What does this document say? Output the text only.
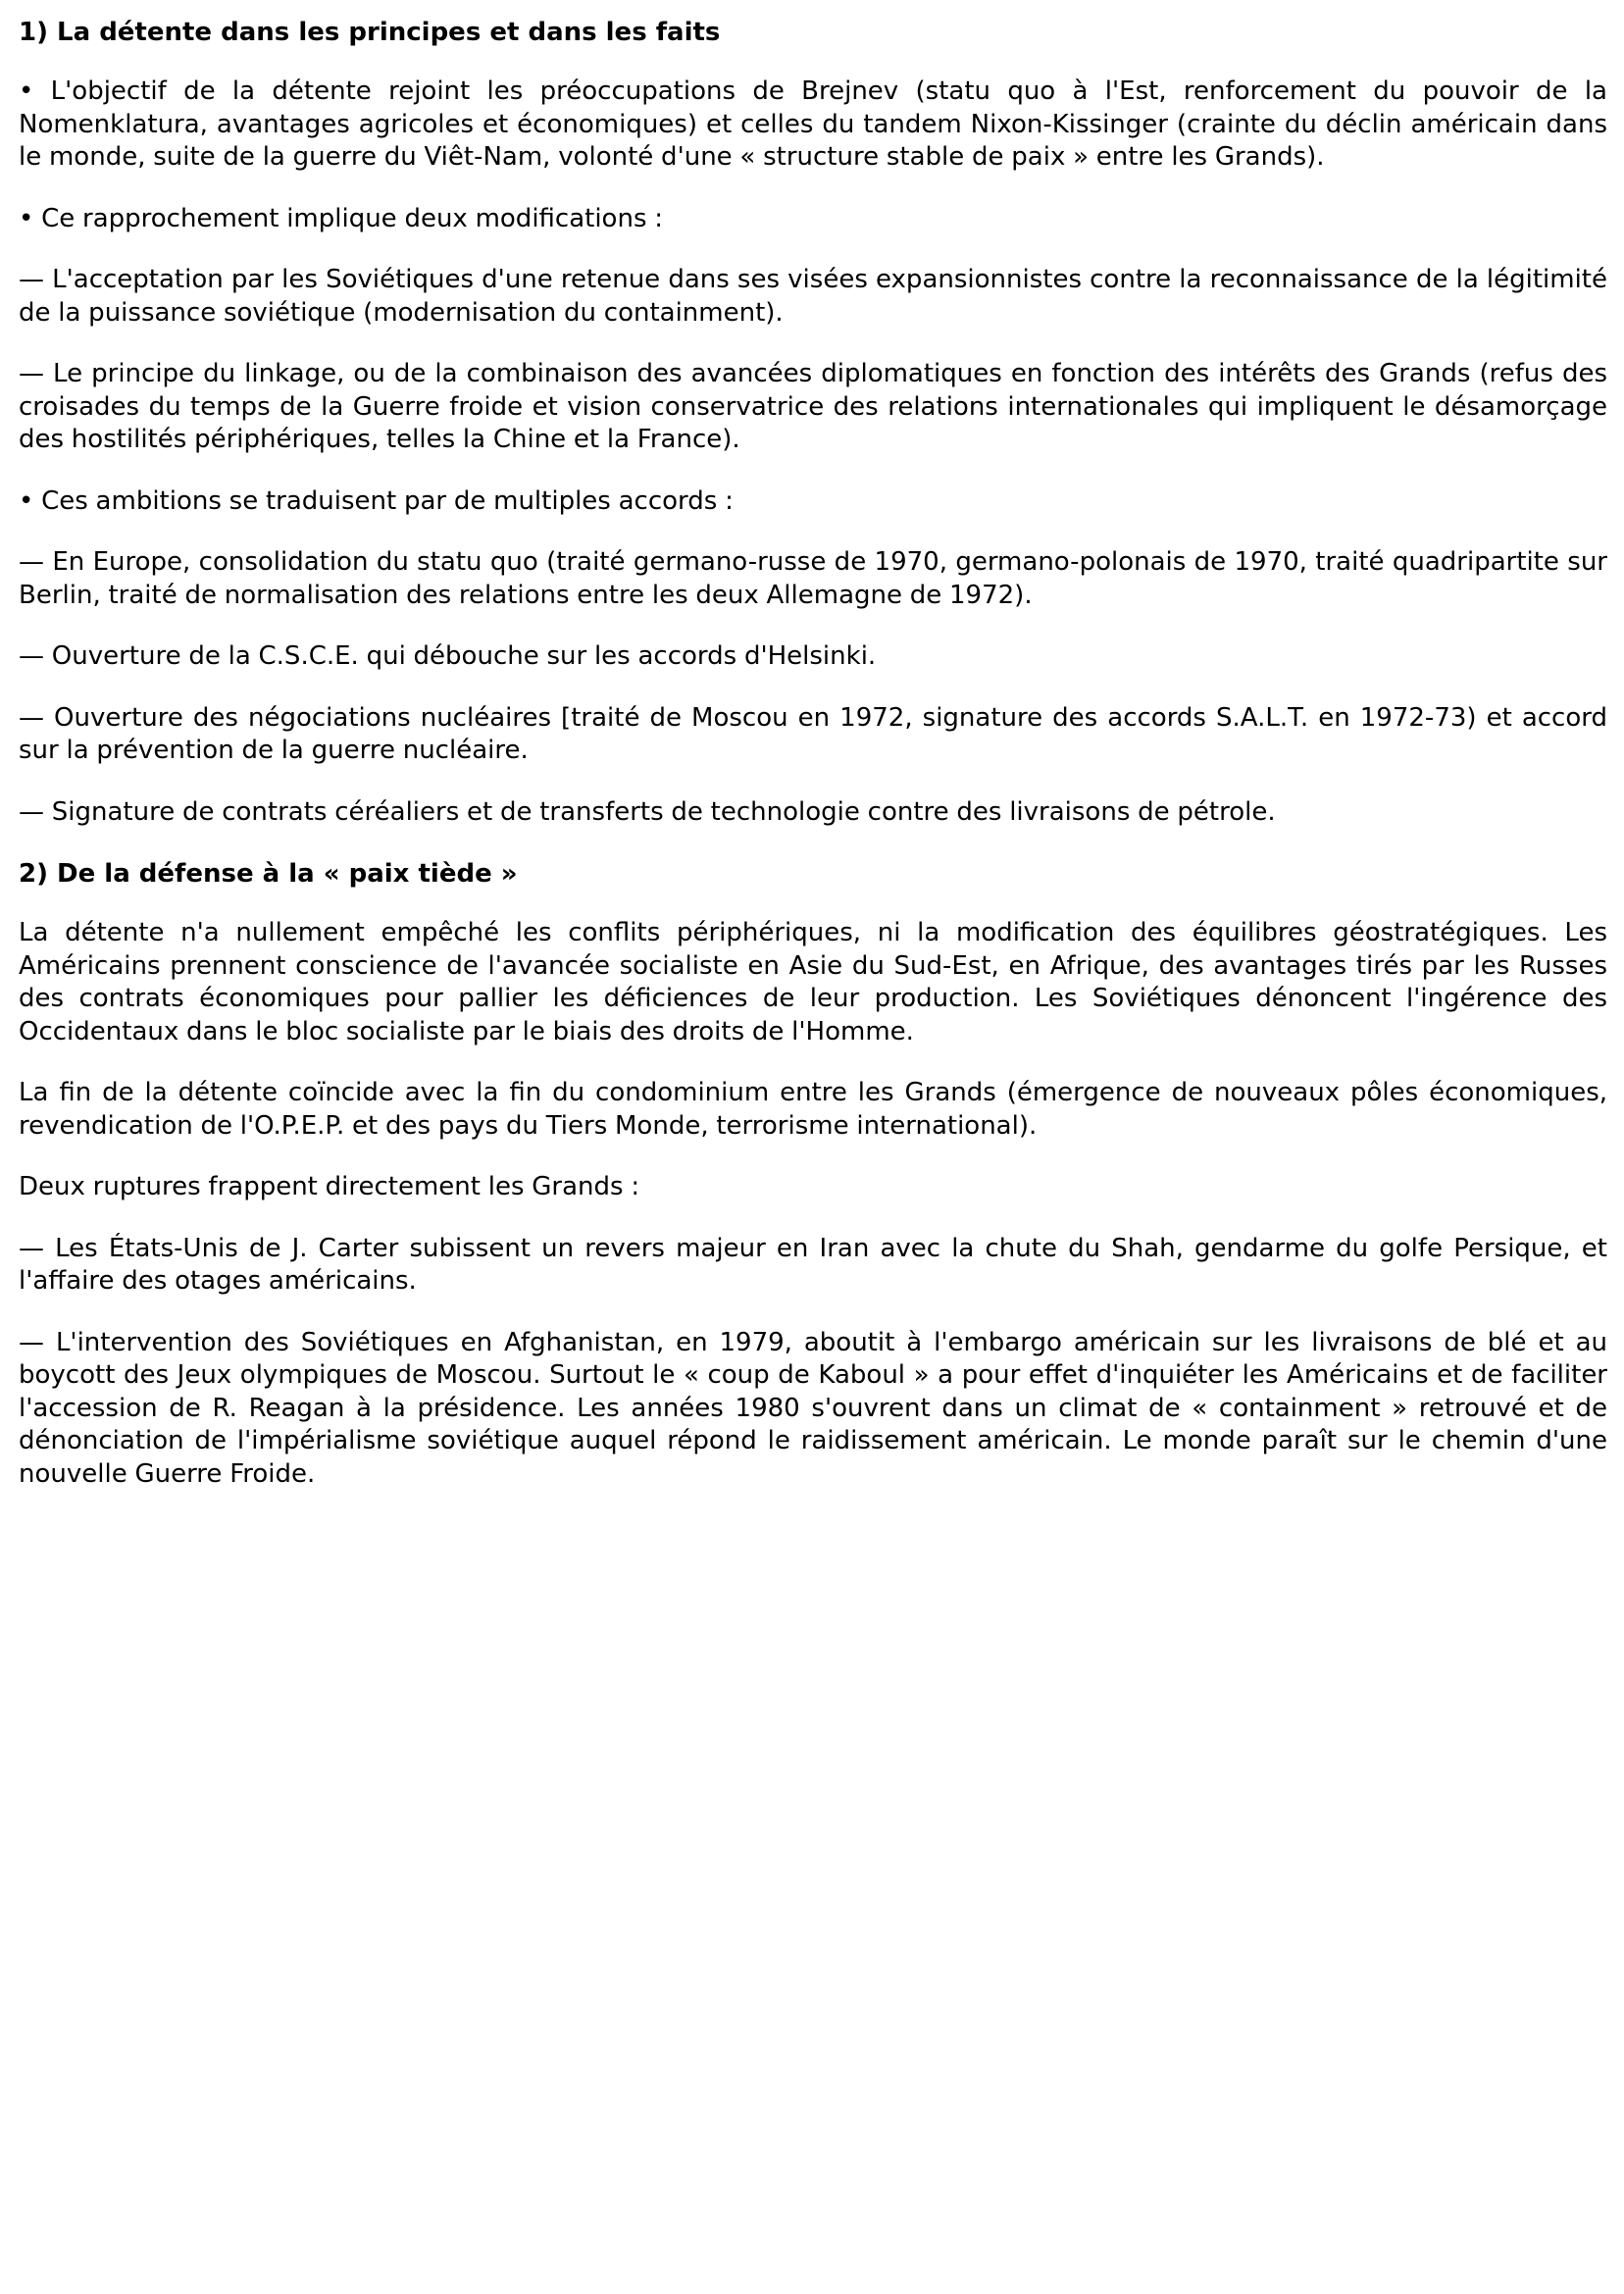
1) La détente dans les principes et dans les faits

• L'objectif de la détente rejoint les préoccupations de Brejnev (statu quo à l'Est, renforcement du pouvoir de la Nomenklatura, avantages agricoles et économiques) et celles du tandem Nixon-Kissinger (crainte du déclin américain dans le monde, suite de la guerre du Viêt-Nam, volonté d'une « structure stable de paix » entre les Grands).

• Ce rapprochement implique deux modifications :

— L'acceptation par les Soviétiques d'une retenue dans ses visées expansionnistes contre la reconnaissance de la légitimité de la puissance soviétique (modernisation du containment).

— Le principe du linkage, ou de la combinaison des avancées diplomatiques en fonction des intérêts des Grands (refus des croisades du temps de la Guerre froide et vision conservatrice des relations internationales qui impliquent le désamorçage des hostilités périphériques, telles la Chine et la France).

• Ces ambitions se traduisent par de multiples accords :

— En Europe, consolidation du statu quo (traité germano-russe de 1970, germano-polonais de 1970, traité quadripartite sur Berlin, traité de normalisation des relations entre les deux Allemagne de 1972).

— Ouverture de la C.S.C.E. qui débouche sur les accords d'Helsinki.

— Ouverture des négociations nucléaires [traité de Moscou en 1972, signature des accords S.A.L.T. en 1972-73) et accord sur la prévention de la guerre nucléaire.

— Signature de contrats céréaliers et de transferts de technologie contre des livraisons de pétrole.

2) De la défense à la « paix tiède »

La détente n'a nullement empêché les conflits périphériques, ni la modification des équilibres géostratégiques. Les Américains prennent conscience de l'avancée socialiste en Asie du Sud-Est, en Afrique, des avantages tirés par les Russes des contrats économiques pour pallier les déficiences de leur production. Les Soviétiques dénoncent l'ingérence des Occidentaux dans le bloc socialiste par le biais des droits de l'Homme.

La fin de la détente coïncide avec la fin du condominium entre les Grands (émergence de nouveaux pôles économiques, revendication de l'O.P.E.P. et des pays du Tiers Monde, terrorisme international).

Deux ruptures frappent directement les Grands :

— Les États-Unis de J. Carter subissent un revers majeur en Iran avec la chute du Shah, gendarme du golfe Persique, et l'affaire des otages américains.

— L'intervention des Soviétiques en Afghanistan, en 1979, aboutit à l'embargo américain sur les livraisons de blé et au boycott des Jeux olympiques de Moscou. Surtout le « coup de Kaboul » a pour effet d'inquiéter les Américains et de faciliter l'accession de R. Reagan à la présidence. Les années 1980 s'ouvrent dans un climat de « containment » retrouvé et de dénonciation de l'impérialisme soviétique auquel répond le raidissement américain. Le monde paraît sur le chemin d'une nouvelle Guerre Froide.
